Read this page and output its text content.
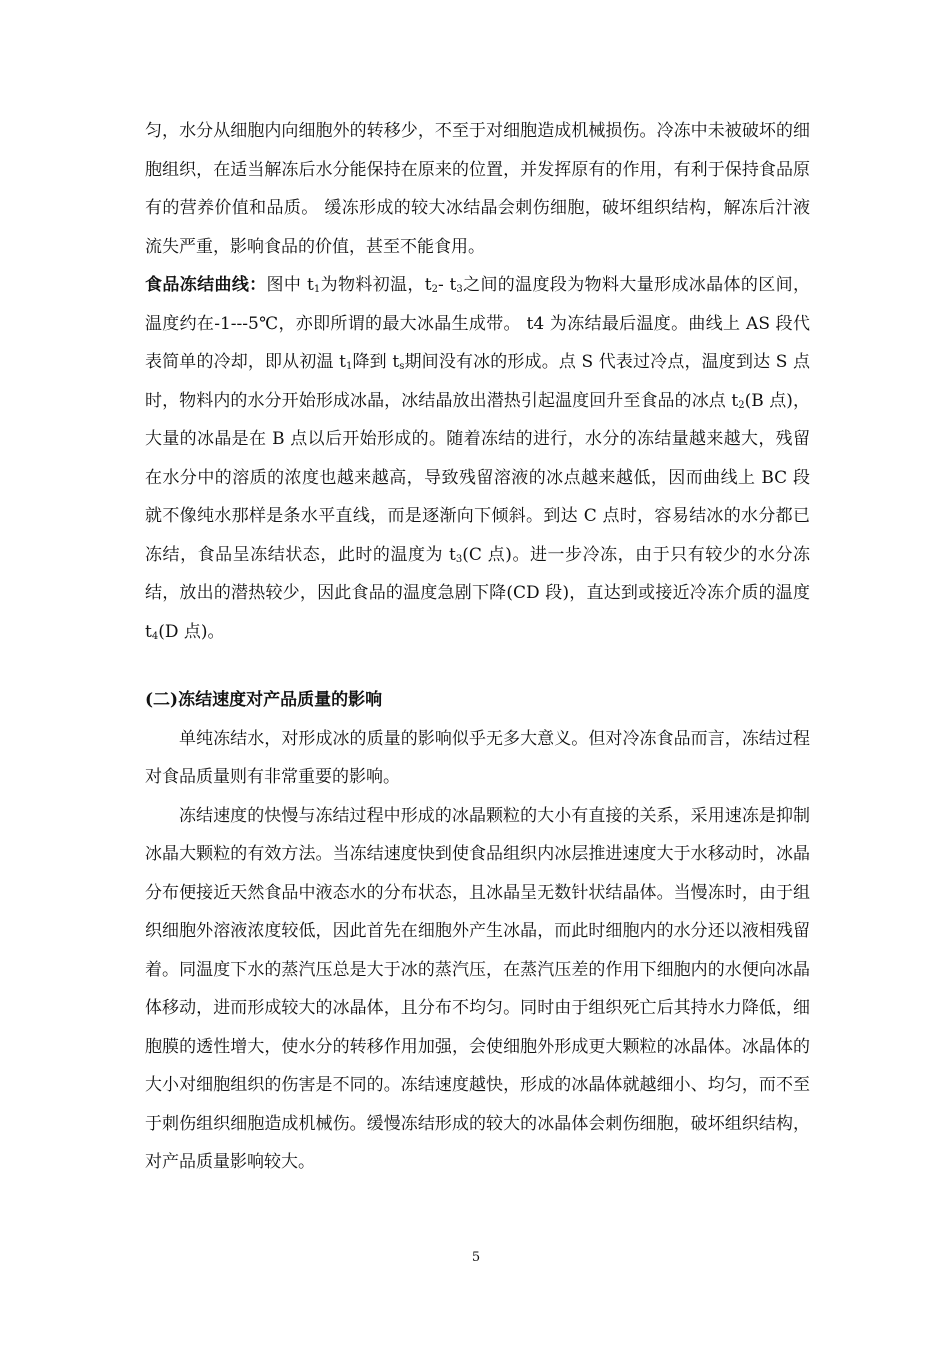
匀，水分从细胞内向细胞外的转移少，不至于对细胞造成机械损伤。冷冻中未被破坏的细胞组织，在适当解冻后水分能保持在原来的位置，并发挥原有的作用，有利于保持食品原有的营养价值和品质。 缓冻形成的较大冰结晶会刺伤细胞，破坏组织结构，解冻后汁液流失严重，影响食品的价值，甚至不能食用。

食品冻结曲线：图中 $t_1$为物料初温，$t_2-$ $t_3$之间的温度段为物料大量形成冰晶体的区间，温度约在-1---5℃，亦即所谓的最大冰晶生成带。 t4 为冻结最后温度。曲线上 AS 段代表简单的冷却，即从初温 $t_1$降到 $t_s$期间没有冰的形成。点 S 代表过冷点，温度到达 S 点时，物料内的水分开始形成冰晶，冰结晶放出潜热引起温度回升至食品的冰点 $t_2(B$ 点)，大量的冰晶是在 B 点以后开始形成的。随着冻结的进行，水分的冻结量越来越大，残留在水分中的溶质的浓度也越来越高，导致残留溶液的冰点越来越低，因而曲线上 BC 段就不像纯水那样是条水平直线，而是逐渐向下倾斜。到达 C 点时，容易结冰的水分都已冻结，食品呈冻结状态，此时的温度为 $t_3(C$ 点)。进一步冷冻，由于只有较少的水分冻结，放出的潜热较少，因此食品的温度急剧下降(CD 段)，直达到或接近冷冻介质的温度 $t_4(D$ 点)。

(二)冻结速度对产品质量的影响

单纯冻结水，对形成冰的质量的影响似乎无多大意义。但对冷冻食品而言，冻结过程对食品质量则有非常重要的影响。

冻结速度的快慢与冻结过程中形成的冰晶颗粒的大小有直接的关系，采用速冻是抑制冰晶大颗粒的有效方法。当冻结速度快到使食品组织内冰层推进速度大于水移动时，冰晶分布便接近天然食品中液态水的分布状态，且冰晶呈无数针状结晶体。当慢冻时，由于组织细胞外溶液浓度较低，因此首先在细胞外产生冰晶，而此时细胞内的水分还以液相残留着。同温度下水的蒸汽压总是大于冰的蒸汽压，在蒸汽压差的作用下细胞内的水便向冰晶体移动，进而形成较大的冰晶体，且分布不均匀。同时由于组织死亡后其持水力降低，细胞膜的透性增大，使水分的转移作用加强，会使细胞外形成更大颗粒的冰晶体。冰晶体的大小对细胞组织的伤害是不同的。冻结速度越快，形成的冰晶体就越细小、均匀，而不至于刺伤组织细胞造成机械伤。缓慢冻结形成的较大的冰晶体会刺伤细胞，破坏组织结构，对产品质量影响较大。

5
